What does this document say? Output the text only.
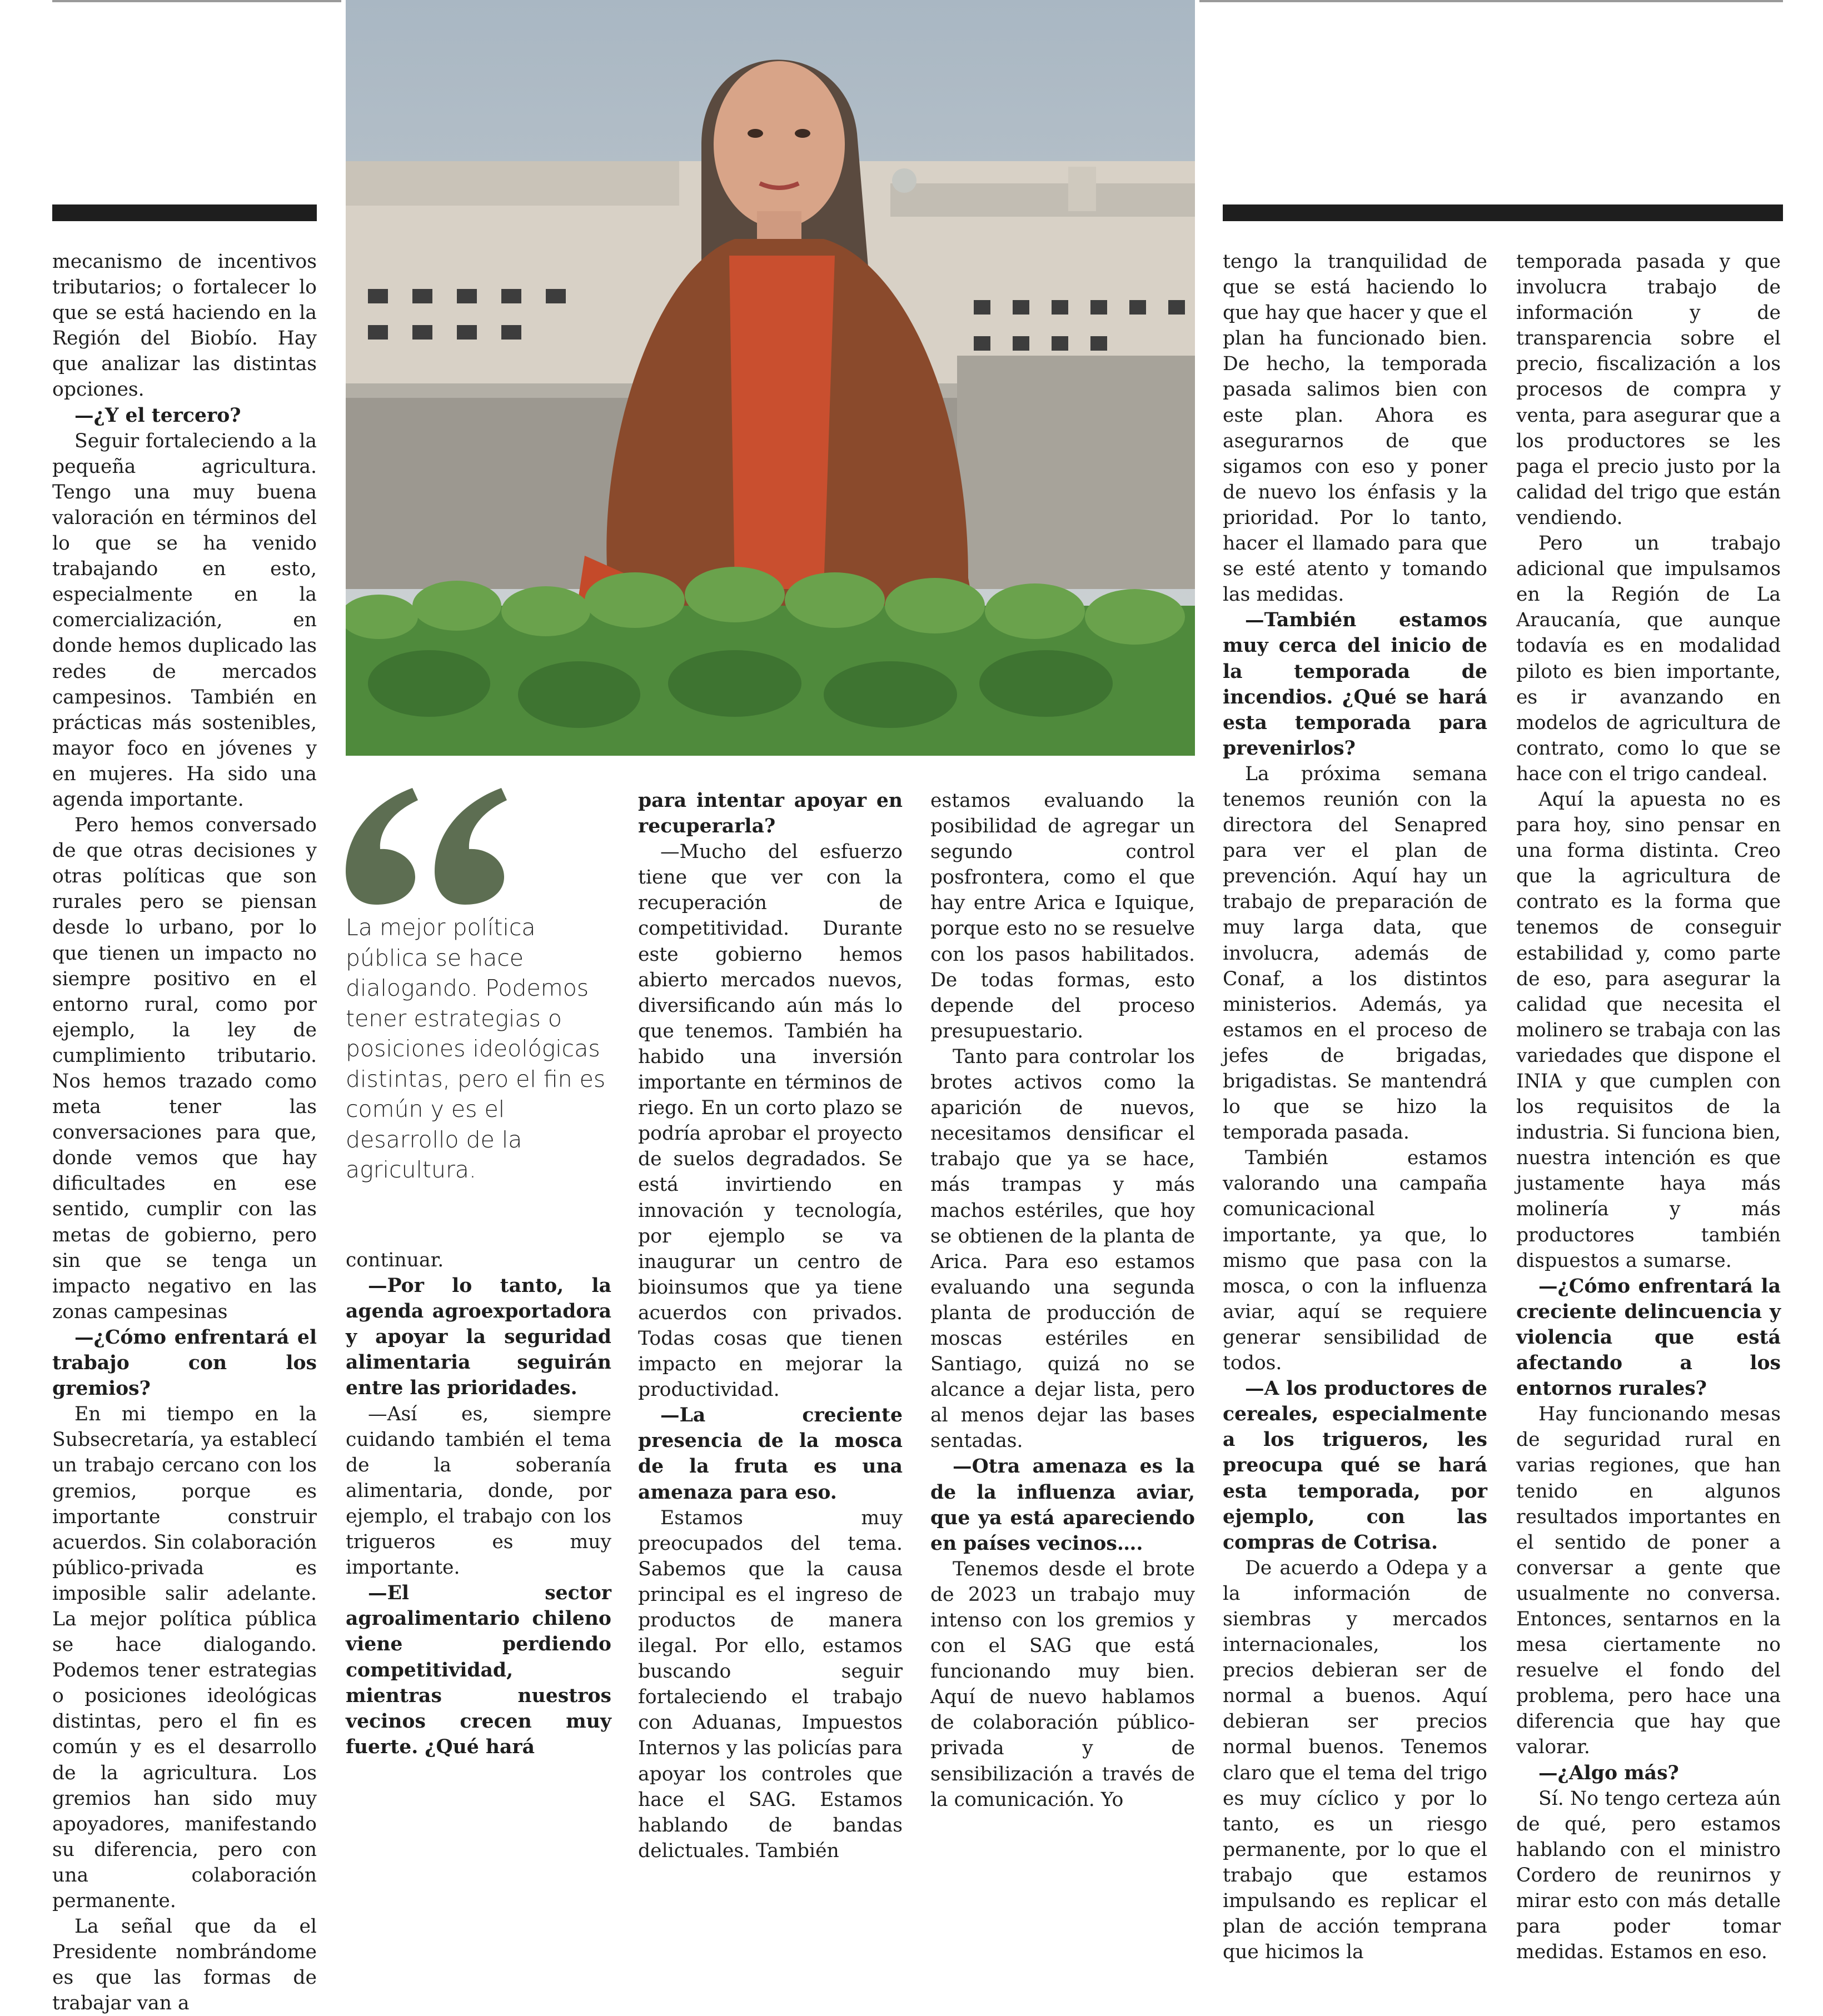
La mejor política pública se hace dialogando. Podemos tener estrategias o posiciones ideológicas distintas, pero el fin es común y es el desarrollo de la agricultura.

mecanismo de incentivos tributarios; o fortalecer lo que se está haciendo en la Región del Biobío. Hay que analizar las distintas opciones.

—¿Y el tercero?

Seguir fortaleciendo a la pequeña agricultura. Tengo una muy buena valoración en términos del lo que se ha venido trabajando en esto, especialmente en la comercialización, en donde hemos duplicado las redes de mercados campesinos. También en prácticas más sostenibles, mayor foco en jóvenes y en mujeres. Ha sido una agenda importante.

Pero hemos conversado de que otras decisiones y otras políticas que son rurales pero se piensan desde lo urbano, por lo que tienen un impacto no siempre positivo en el entorno rural, como por ejemplo, la ley de cumplimiento tributario. Nos hemos trazado como meta tener las conversaciones para que, donde vemos que hay dificultades en ese sentido, cumplir con las metas de gobierno, pero sin que se tenga un impacto negativo en las zonas campesinas

—¿Cómo enfrentará el trabajo con los gremios?

En mi tiempo en la Subsecretaría, ya establecí un trabajo cercano con los gremios, porque es importante construir acuerdos. Sin colaboración público-privada es imposible salir adelante. La mejor política pública se hace dialogando. Podemos tener estrategias o posiciones ideológicas distintas, pero el fin es común y es el desarrollo de la agricultura. Los gremios han sido muy apoyadores, manifestando su diferencia, pero con una colaboración permanente.

La señal que da el Presidente nombrándome es que las formas de trabajar van a

continuar.

—Por lo tanto, la agenda agroexportadora y apoyar la seguridad alimentaria seguirán entre las prioridades.

—Así es, siempre cuidando también el tema de la soberanía alimentaria, donde, por ejemplo, el trabajo con los trigueros es muy importante.

—El sector agroalimentario chileno viene perdiendo competitividad, mientras nuestros vecinos crecen muy fuerte. ¿Qué hará

para intentar apoyar en recuperarla?

—Mucho del esfuerzo tiene que ver con la recuperación de competitividad. Durante este gobierno hemos abierto mercados nuevos, diversificando aún más lo que tenemos. También ha habido una inversión importante en términos de riego. En un corto plazo se podría aprobar el proyecto de suelos degradados. Se está invirtiendo en innovación y tecnología, por ejemplo se va inaugurar un centro de bioinsumos que ya tiene acuerdos con privados. Todas cosas que tienen impacto en mejorar la productividad.

—La creciente presencia de la mosca de la fruta es una amenaza para eso.

Estamos muy preocupados del tema. Sabemos que la causa principal es el ingreso de productos de manera ilegal. Por ello, estamos buscando seguir fortaleciendo el trabajo con Aduanas, Impuestos Internos y las policías para apoyar los controles que hace el SAG. Estamos hablando de bandas delictuales. También

estamos evaluando la posibilidad de agregar un segundo control posfrontera, como el que hay entre Arica e Iquique, porque esto no se resuelve con los pasos habilitados. De todas formas, esto depende del proceso presupuestario.

Tanto para controlar los brotes activos como la aparición de nuevos, necesitamos densificar el trabajo que ya se hace, más trampas y más machos estériles, que hoy se obtienen de la planta de Arica. Para eso estamos evaluando una segunda planta de producción de moscas estériles en Santiago, quizá no se alcance a dejar lista, pero al menos dejar las bases sentadas.

—Otra amenaza es la de la influenza aviar, que ya está apareciendo en países vecinos….

Tenemos desde el brote de 2023 un trabajo muy intenso con los gremios y con el SAG que está funcionando muy bien. Aquí de nuevo hablamos de colaboración público-privada y de sensibilización a través de la comunicación. Yo

tengo la tranquilidad de que se está haciendo lo que hay que hacer y que el plan ha funcionado bien. De hecho, la temporada pasada salimos bien con este plan. Ahora es asegurarnos de que sigamos con eso y poner de nuevo los énfasis y la prioridad. Por lo tanto, hacer el llamado para que se esté atento y tomando las medidas.

—También estamos muy cerca del inicio de la temporada de incendios. ¿Qué se hará esta temporada para prevenirlos?

La próxima semana tenemos reunión con la directora del Senapred para ver el plan de prevención. Aquí hay un trabajo de preparación de muy larga data, que involucra, además de Conaf, a los distintos ministerios. Además, ya estamos en el proceso de jefes de brigadas, brigadistas. Se mantendrá lo que se hizo la temporada pasada.

También estamos valorando una campaña comunicacional importante, ya que, lo mismo que pasa con la mosca, o con la influenza aviar, aquí se requiere generar sensibilidad de todos.

—A los productores de cereales, especialmente a los trigueros, les preocupa qué se hará esta temporada, por ejemplo, con las compras de Cotrisa.

De acuerdo a Odepa y a la información de siembras y mercados internacionales, los precios debieran ser de normal a buenos. Aquí debieran ser precios normal buenos. Tenemos claro que el tema del trigo es muy cíclico y por lo tanto, es un riesgo permanente, por lo que el trabajo que estamos impulsando es replicar el plan de acción temprana que hicimos la

temporada pasada y que involucra trabajo de información y de transparencia sobre el precio, fiscalización a los procesos de compra y venta, para asegurar que a los productores se les paga el precio justo por la calidad del trigo que están vendiendo.

Pero un trabajo adicional que impulsamos en la Región de La Araucanía, que aunque todavía es en modalidad piloto es bien importante, es ir avanzando en modelos de agricultura de contrato, como lo que se hace con el trigo candeal.

Aquí la apuesta no es para hoy, sino pensar en una forma distinta. Creo que la agricultura de contrato es la forma que tenemos de conseguir estabilidad y, como parte de eso, para asegurar la calidad que necesita el molinero se trabaja con las variedades que dispone el INIA y que cumplen con los requisitos de la industria. Si funciona bien, nuestra intención es que justamente haya más molinería y más productores también dispuestos a sumarse.

—¿Cómo enfrentará la creciente delincuencia y violencia que está afectando a los entornos rurales?

Hay funcionando mesas de seguridad rural en varias regiones, que han tenido en algunos resultados importantes en el sentido de poner a conversar a gente que usualmente no conversa. Entonces, sentarnos en la mesa ciertamente no resuelve el fondo del problema, pero hace una diferencia que hay que valorar.

—¿Algo más?

Sí. No tengo certeza aún de qué, pero estamos hablando con el ministro Cordero de reunirnos y mirar esto con más detalle para poder tomar medidas. Estamos en eso.
